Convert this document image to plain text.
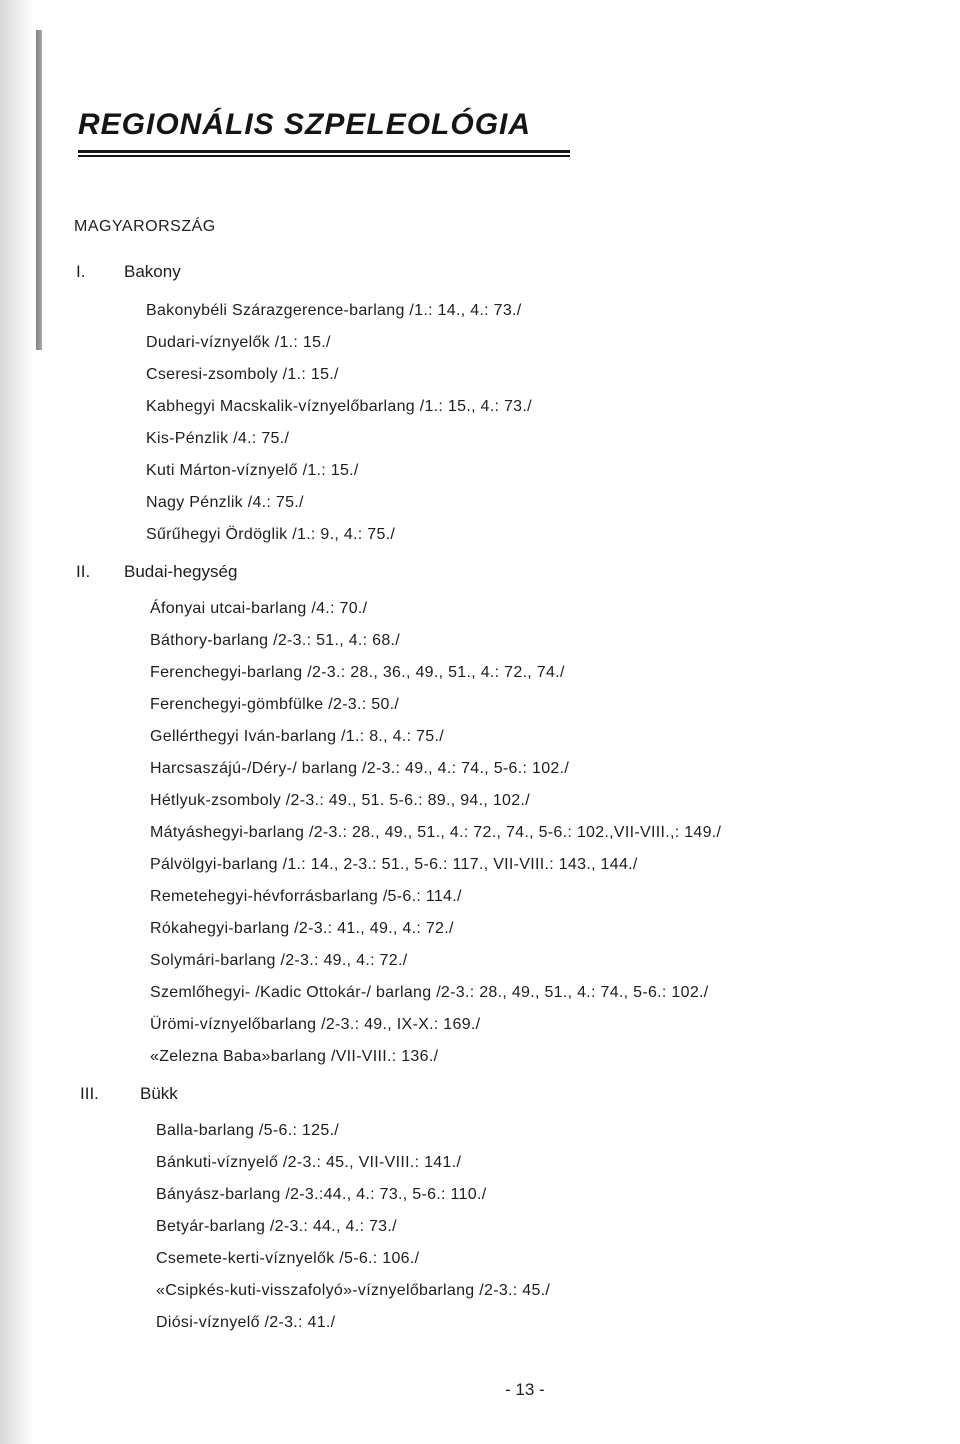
REGIONÁLIS SZPELEOLÓGIA
MAGYARORSZÁG
I. Bakony
Bakonybéli Szárazgerence-barlang /1.: 14., 4.: 73./
Dudari-víznyelők /1.: 15./
Cseresi-zsomboly /1.: 15./
Kabhegyi Macskalik-víznyelőbarlang /1.: 15., 4.: 73./
Kis-Pénzlik /4.: 75./
Kuti Márton-víznyelő /1.: 15./
Nagy Pénzlik /4.: 75./
Sűrűhegyi Ördöglik /1.: 9., 4.: 75./
II. Budai-hegység
Áfonyai utcai-barlang /4.: 70./
Báthory-barlang /2-3.: 51., 4.: 68./
Ferenchegyi-barlang /2-3.: 28., 36., 49., 51., 4.: 72., 74./
Ferenchegyi-gömbfülke /2-3.: 50./
Gellérthegyi Iván-barlang /1.: 8., 4.: 75./
Harcsaszájú-/Déry-/ barlang /2-3.: 49., 4.: 74., 5-6.: 102./
Hétlyuk-zsomboly /2-3.: 49., 51. 5-6.: 89., 94., 102./
Mátyáshegyi-barlang /2-3.: 28., 49., 51., 4.: 72., 74., 5-6.: 102.,VII-VIII.,: 149./
Pálvölgyi-barlang /1.: 14., 2-3.: 51., 5-6.: 117., VII-VIII.: 143., 144./
Remetehegyi-hévforrásbarlang /5-6.: 114./
Rókahegyi-barlang /2-3.: 41., 49., 4.: 72./
Solymári-barlang /2-3.: 49., 4.: 72./
Szemlőhegyi- /Kadic Ottokár-/ barlang /2-3.: 28., 49., 51., 4.: 74., 5-6.: 102./
Ürömi-víznyelőbarlang /2-3.: 49., IX-X.: 169./
«Zelezna Baba»barlang /VII-VIII.: 136./
III. Bükk
Balla-barlang /5-6.: 125./
Bánkuti-víznyelő /2-3.: 45., VII-VIII.: 141./
Bányász-barlang /2-3.:44., 4.: 73., 5-6.: 110./
Betyár-barlang /2-3.: 44., 4.: 73./
Csemete-kerti-víznyelők /5-6.: 106./
«Csipkés-kuti-visszafolyó»-víznyelőbarlang /2-3.: 45./
Diósi-víznyelő /2-3.: 41./
- 13 -
